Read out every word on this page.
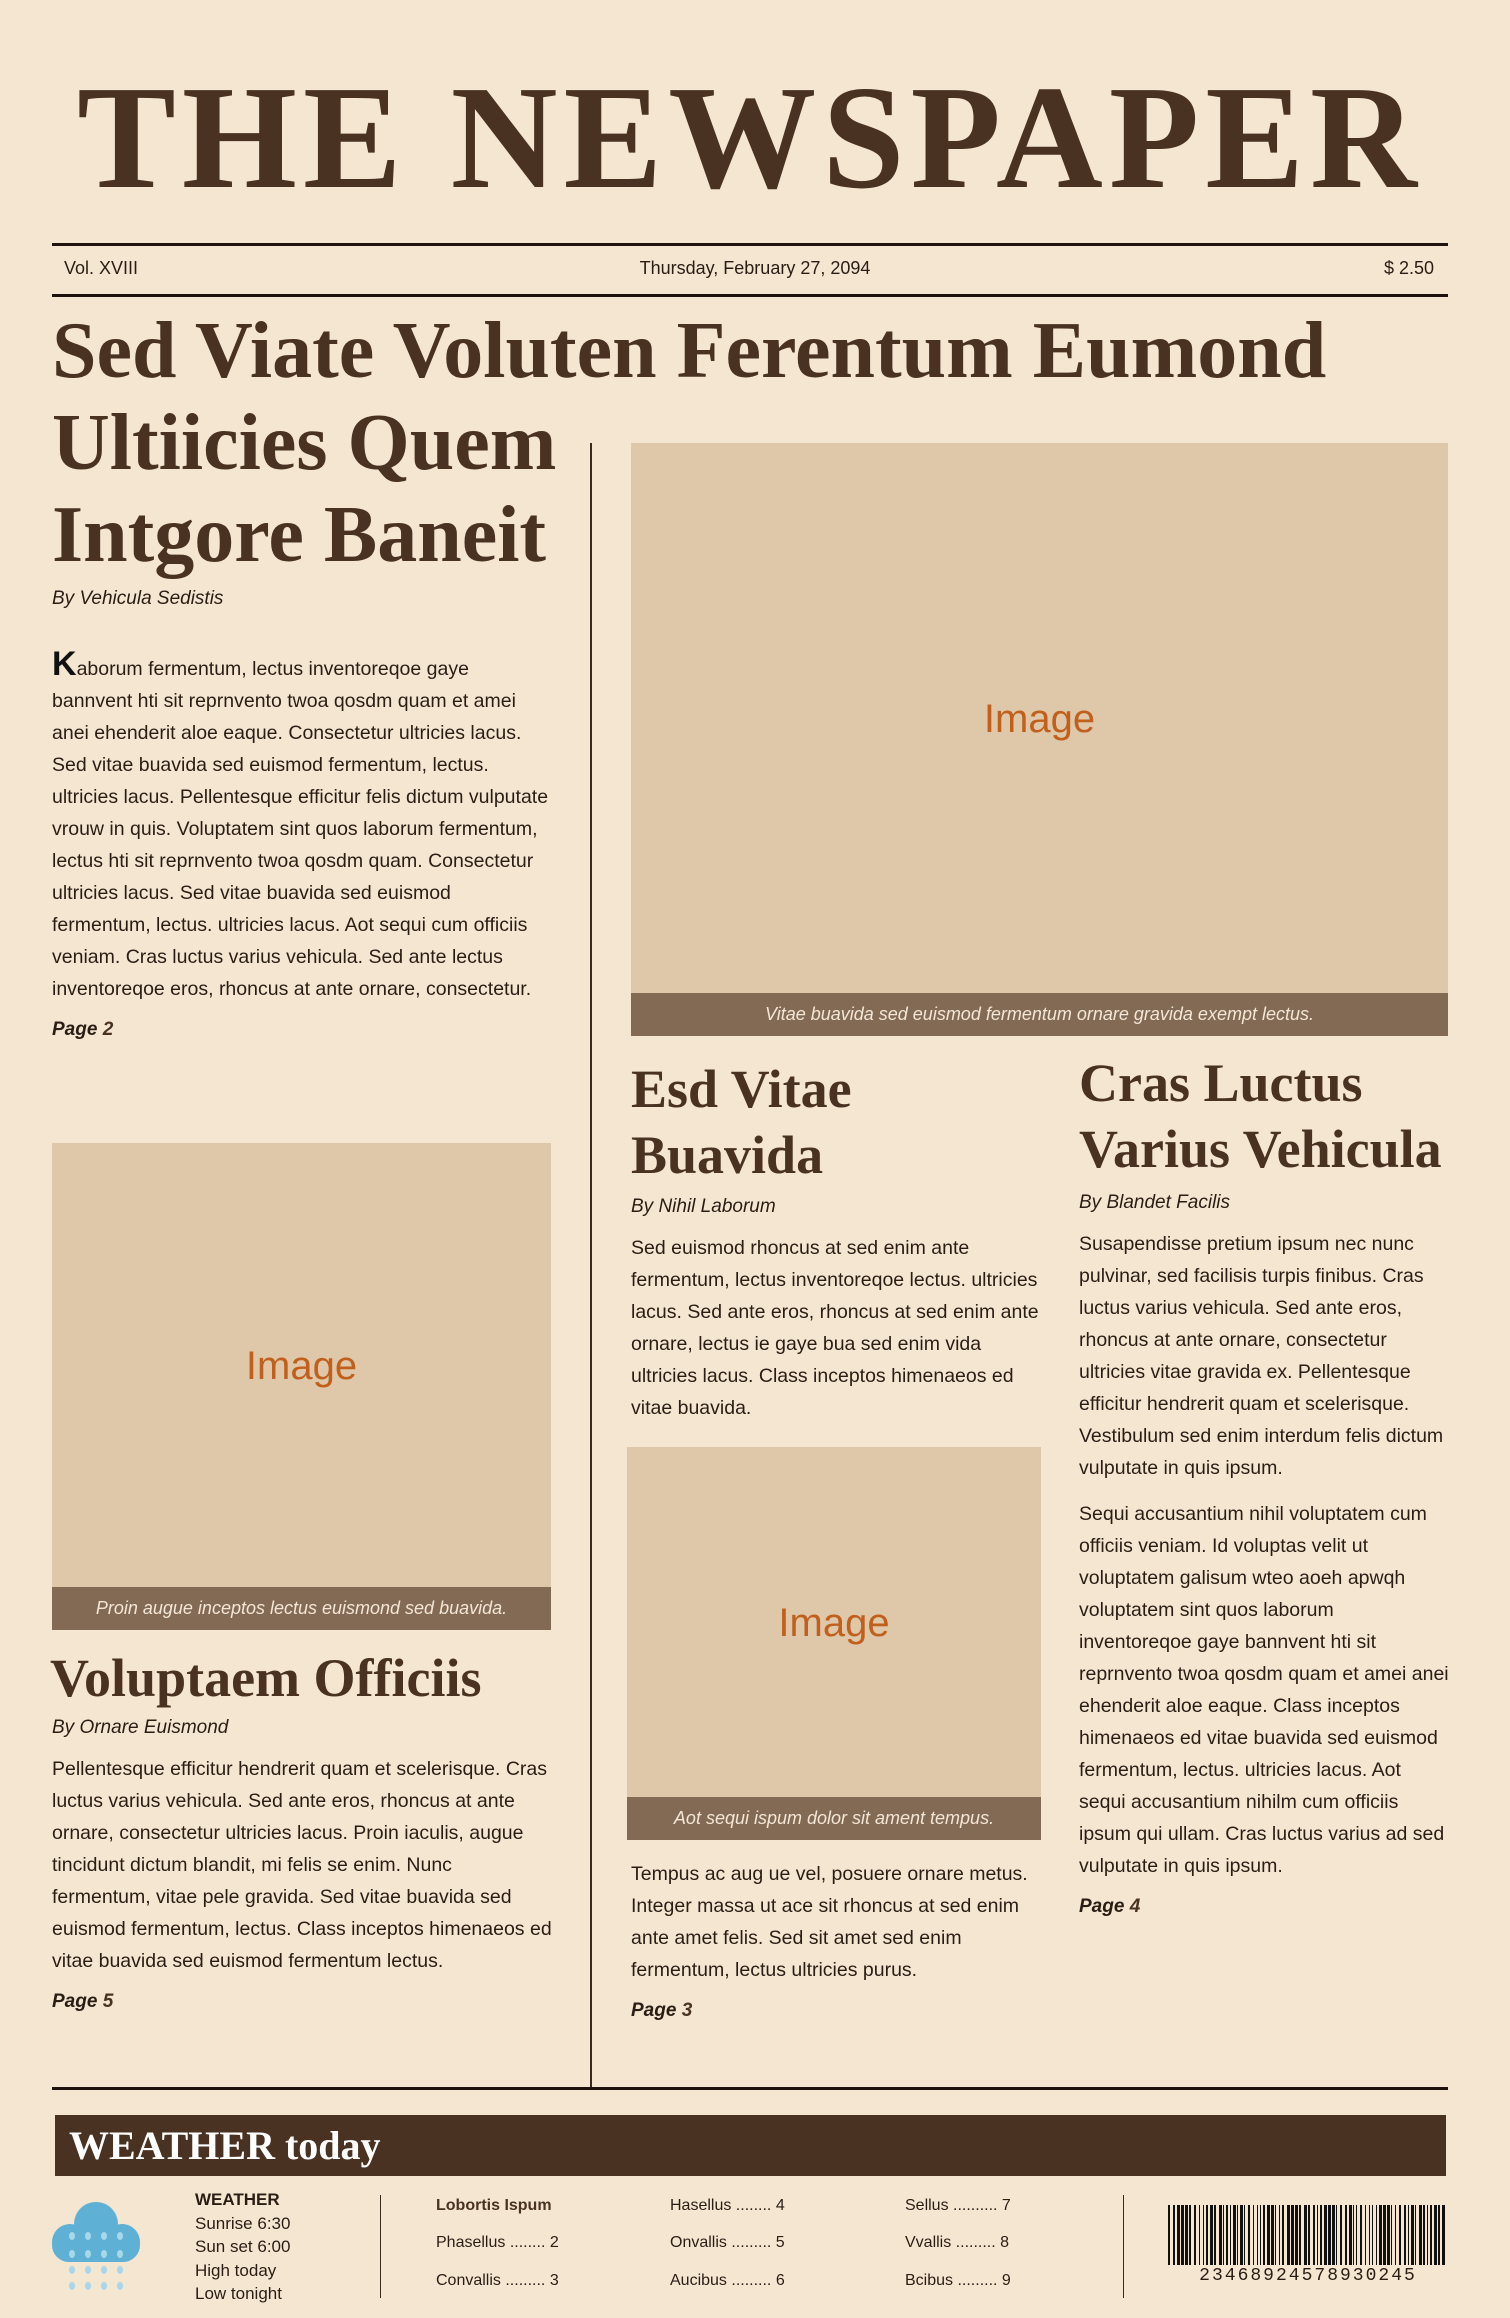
THE NEWSPAPER
Vol. XVIII	Thursday, February 27, 2094	$ 2.50
Sed Viate Voluten Ferentum Eumond Ultiicies Quem Intgore Baneit
By Vehicula Sedistis

Kaborum fermentum, lectus inventoreqoe gaye bannvent hti sit reprnvento twoa qosdm quam et amei anei ehenderit aloe eaque. Consectetur ultricies lacus. Sed vitae buavida sed euismod fermentum, lectus. ultricies lacus. Pellentesque efficitur felis dictum vulputate vrouw in quis. Voluptatem sint quos laborum fermentum, lectus hti sit reprnvento twoa qosdm quam. Consectetur ultricies lacus. Sed vitae buavida sed euismod fermentum, lectus. ultricies lacus. Aot sequi cum officiis veniam. Cras luctus varius vehicula. Sed ante lectus inventoreqoe eros, rhoncus at ante ornare, consectetur.

Page 2
Image
Proin augue inceptos lectus euismond sed buavida.
Voluptaem Officiis
By Ornare Euismond

Pellentesque efficitur hendrerit quam et scelerisque. Cras luctus varius vehicula. Sed ante eros, rhoncus at ante ornare, consectetur ultricies lacus. Proin iaculis, augue tincidunt dictum blandit, mi felis se enim. Nunc fermentum, vitae pele gravida. Sed vitae buavida sed euismod fermentum, lectus. Class inceptos himenaeos ed vitae buavida sed euismod fermentum lectus.

Page 5
Image
Vitae buavida sed euismod fermentum ornare gravida exempt lectus.
Esd Vitae Buavida
By Nihil Laborum

Sed euismod rhoncus at sed enim ante fermentum, lectus inventoreqoe lectus. ultricies lacus. Sed ante eros, rhoncus at sed enim ante ornare, lectus ie gaye bua sed enim vida ultricies lacus. Class inceptos himenaeos ed vitae buavida.

Image
Aot sequi ispum dolor sit ament tempus.

Tempus ac aug ue vel, posuere ornare metus. Integer massa ut ace sit rhoncus at sed enim ante amet felis. Sed sit amet sed enim fermentum, lectus ultricies purus.

Page 3
Cras Luctus Varius Vehicula
By Blandet Facilis

Susapendisse pretium ipsum nec nunc pulvinar, sed facilisis turpis finibus. Cras luctus varius vehicula. Sed ante eros, rhoncus at ante ornare, consectetur ultricies vitae gravida ex. Pellentesque efficitur hendrerit quam et scelerisque. Vestibulum sed enim interdum felis dictum vulputate in quis ipsum.

Sequi accusantium nihil voluptatem cum officiis veniam. Id voluptas velit ut voluptatem galisum wteo aoeh apwqh voluptatem sint quos laborum inventoreqoe gaye bannvent hti sit reprnvento twoa qosdm quam et amei anei ehenderit aloe eaque. Class inceptos himenaeos ed vitae buavida sed euismod fermentum, lectus. ultricies lacus. Aot sequi accusantium nihilm cum officiis ipsum qui ullam. Cras luctus varius ad sed vulputate in quis ipsum.

Page 4
WEATHER today
WEATHER
Sunrise 6:30
Sun set 6:00
High today
Low tonight
Lobortis Ispum
Phasellus ........ 2
Convallis ......... 3
Hasellus ........ 4
Onvallis ......... 5
Aucibus ......... 6
Sellus .......... 7
Vvallis ......... 8
Bcibus ......... 9	23468924578930245
